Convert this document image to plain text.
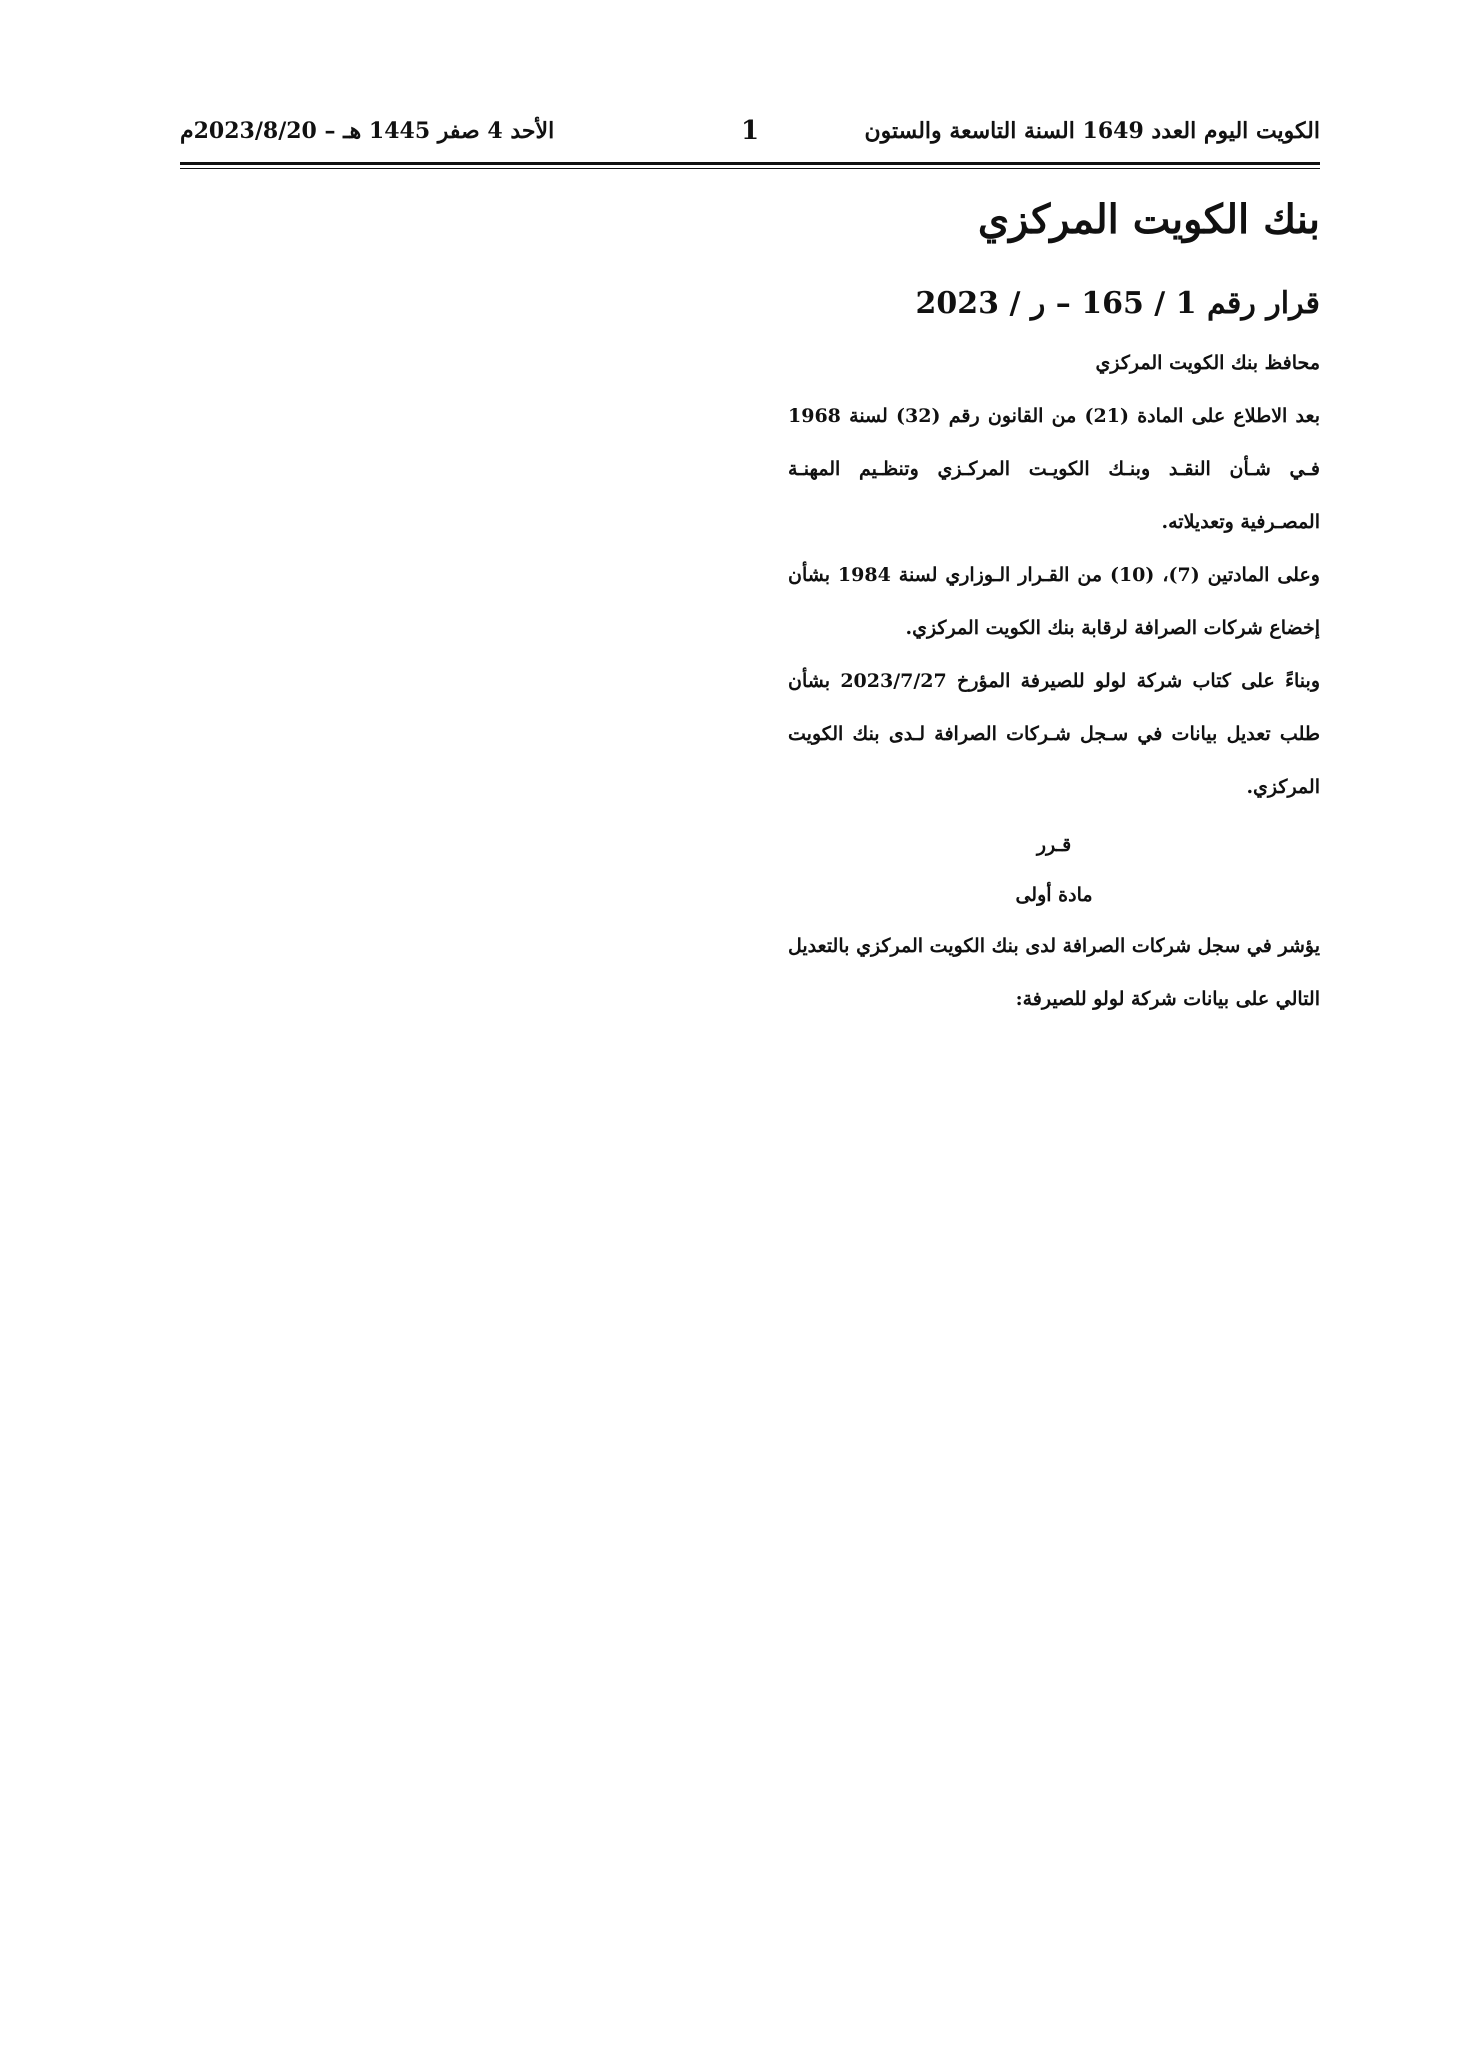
الكويت اليوم العدد 1649 السنة التاسعة والستون
1
الأحد 4 صفر 1445 هـ – 2023/8/20م
بنك الكويت المركزي
قرار رقم 1 / 165 – ر / 2023
محافظ بنك الكويت المركزي

بعد الاطلاع على المادة (21) من القانون رقم (32) لسنة 1968 فـي شـأن النقـد وبنـك الكويـت المركـزي وتنظـيم المهنـة المصـرفية وتعديلاته.

وعلى المادتين (7)، (10) من القـرار الـوزاري لسنة 1984 بشأن إخضاع شركات الصرافة لرقابة بنك الكويت المركزي.

وبناءً على كتاب شركة لولو للصيرفة المؤرخ 2023/7/27 بشأن طلب تعديل بيانات في سـجل شـركات الصرافة لـدى بنك الكويت المركزي.

قـرر
مادة أولى

يؤشر في سجل شركات الصرافة لدى بنك الكويت المركزي بالتعديل التالي على بيانات شركة لولو للصيرفة:
